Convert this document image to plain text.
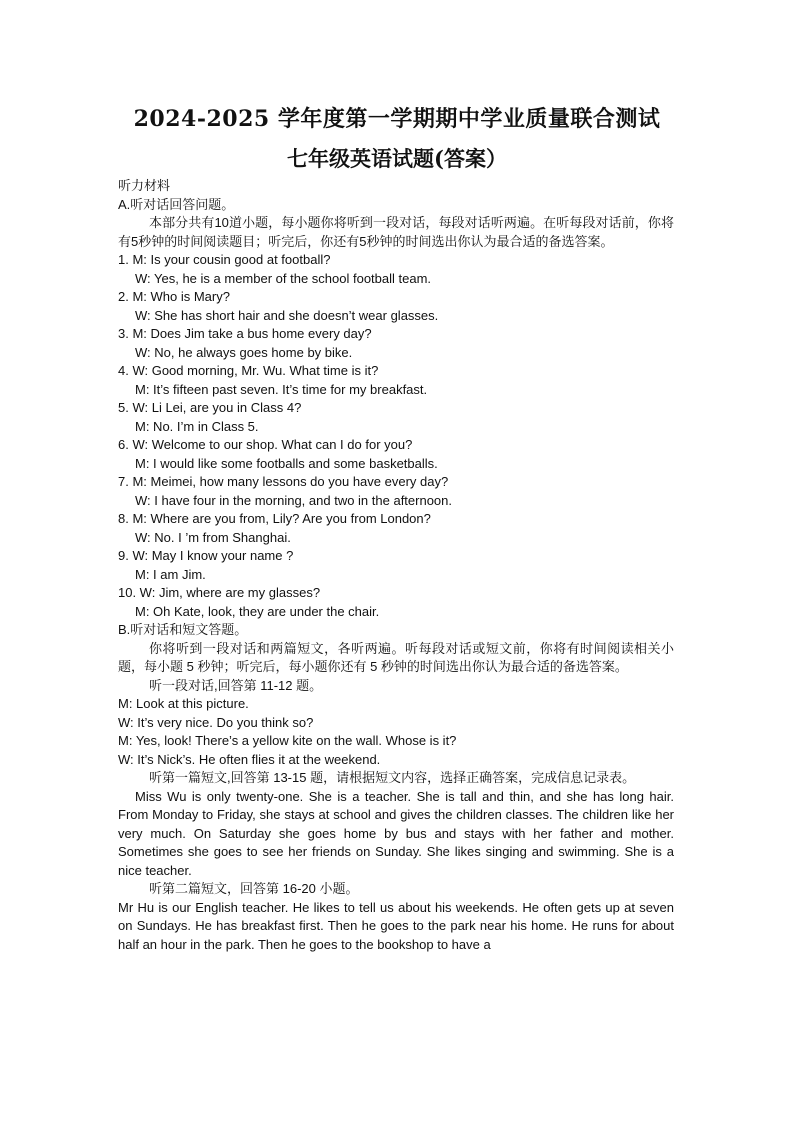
2024-2025 学年度第一学期期中学业质量联合测试
七年级英语试题(答案）
听力材料
A.听对话回答问题。
本部分共有10道小题，每小题你将听到一段对话，每段对话听两遍。在听每段对话前，你将有5秒钟的时间阅读题目；听完后，你还有5秒钟的时间选出你认为最合适的备选答案。
1. M: Is your cousin good at football?
W: Yes, he is a member of the school football team.
2. M: Who is Mary?
W: She has short hair and she doesn’t wear glasses.
3. M: Does Jim take a bus home every day?
W: No, he always goes home by bike.
4. W: Good morning, Mr. Wu. What time is it?
M: It’s fifteen past seven. It’s time for my breakfast.
5. W: Li Lei, are you in Class 4?
M: No. I’m in Class 5.
6. W: Welcome to our shop. What can I do for you?
M: I would like some footballs and some basketballs.
7. M: Meimei, how many lessons do you have every day?
W: I have four in the morning, and two in the afternoon.
8. M: Where are you from, Lily? Are you from London?
W: No. I ’m from Shanghai.
9. W: May I know your name ?
M: I am Jim.
10. W: Jim, where are my glasses?
M: Oh Kate, look, they are under the chair.
B.听对话和短文答题。
你将听到一段对话和两篇短文，各听两遍。听每段对话或短文前，你将有时间阅读相关小题，每小题 5 秒钟；听完后，每小题你还有 5 秒钟的时间选出你认为最合适的备选答案。
听一段对话,回答第 11-12 题。
M: Look at this picture.
W: It’s very nice. Do you think so?
M: Yes, look! There’s a yellow kite on the wall. Whose is it?
W: It’s Nick’s. He often flies it at the weekend.
听第一篇短文,回答第 13-15 题，请根据短文内容，选择正确答案，完成信息记录表。
Miss Wu is only twenty-one. She is a teacher. She is tall and thin, and she has long hair. From Monday to Friday, she stays at school and gives the children classes. The children like her very much. On Saturday she goes home by bus and stays with her father and mother. Sometimes she goes to see her friends on Sunday. She likes singing and swimming. She is a nice teacher.
听第二篇短文，回答第 16-20 小题。
Mr Hu is our English teacher. He likes to tell us about his weekends. He often gets up at seven on Sundays. He has breakfast first. Then he goes to the park near his home. He runs for about half an hour in the park. Then he goes to the bookshop to have a
